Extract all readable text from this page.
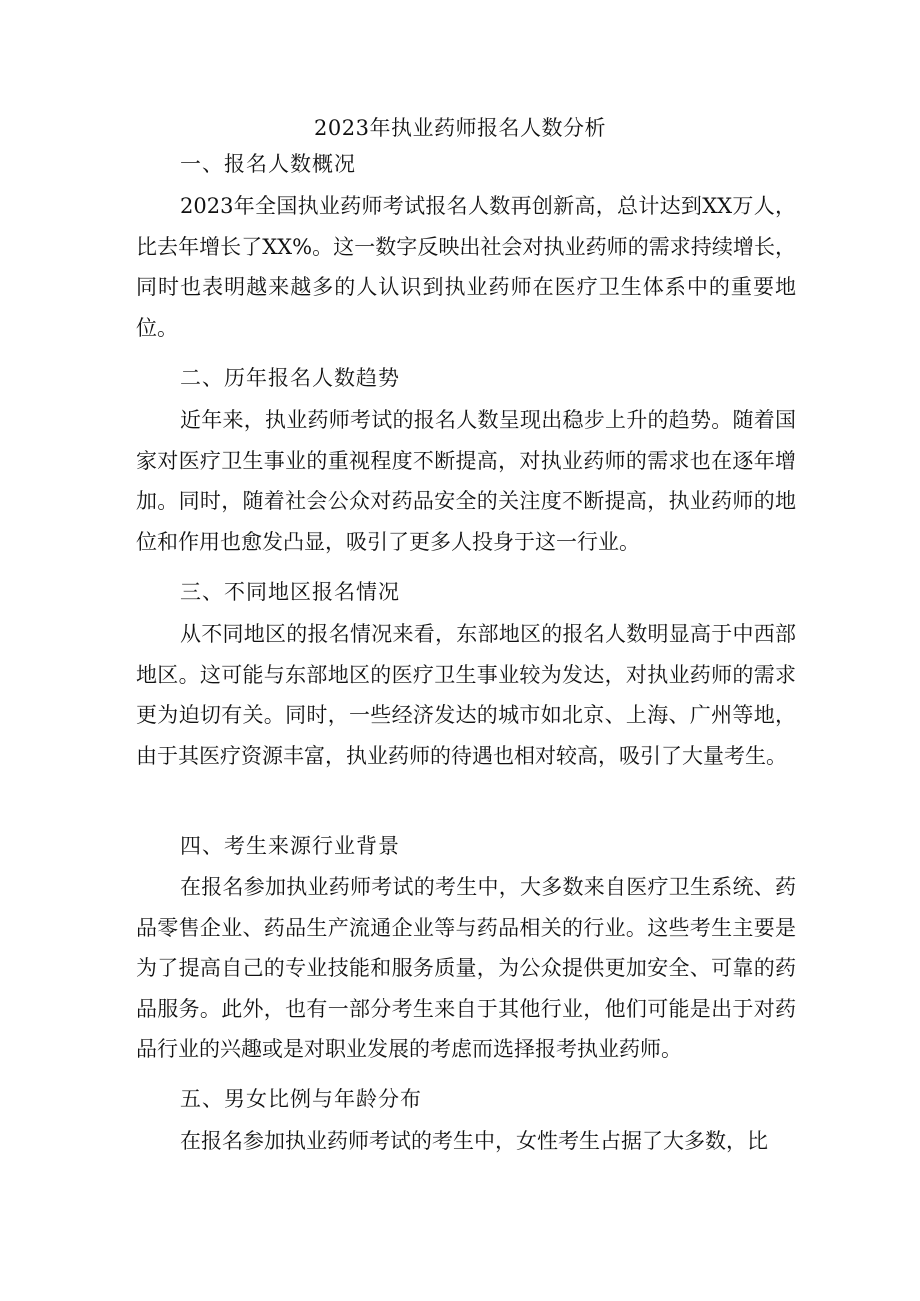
2023年执业药师报名人数分析
一、报名人数概况

2023年全国执业药师考试报名人数再创新高，总计达到XX万人，比去年增长了XX%。这一数字反映出社会对执业药师的需求持续增长，同时也表明越来越多的人认识到执业药师在医疗卫生体系中的重要地位。

二、历年报名人数趋势

近年来，执业药师考试的报名人数呈现出稳步上升的趋势。随着国家对医疗卫生事业的重视程度不断提高，对执业药师的需求也在逐年增加。同时，随着社会公众对药品安全的关注度不断提高，执业药师的地位和作用也愈发凸显，吸引了更多人投身于这一行业。

三、不同地区报名情况

从不同地区的报名情况来看，东部地区的报名人数明显高于中西部地区。这可能与东部地区的医疗卫生事业较为发达，对执业药师的需求更为迫切有关。同时，一些经济发达的城市如北京、上海、广州等地，由于其医疗资源丰富，执业药师的待遇也相对较高，吸引了大量考生。

四、考生来源行业背景

在报名参加执业药师考试的考生中，大多数来自医疗卫生系统、药品零售企业、药品生产流通企业等与药品相关的行业。这些考生主要是为了提高自己的专业技能和服务质量，为公众提供更加安全、可靠的药品服务。此外，也有一部分考生来自于其他行业，他们可能是出于对药品行业的兴趣或是对职业发展的考虑而选择报考执业药师。

五、男女比例与年龄分布

在报名参加执业药师考试的考生中，女性考生占据了大多数，比
